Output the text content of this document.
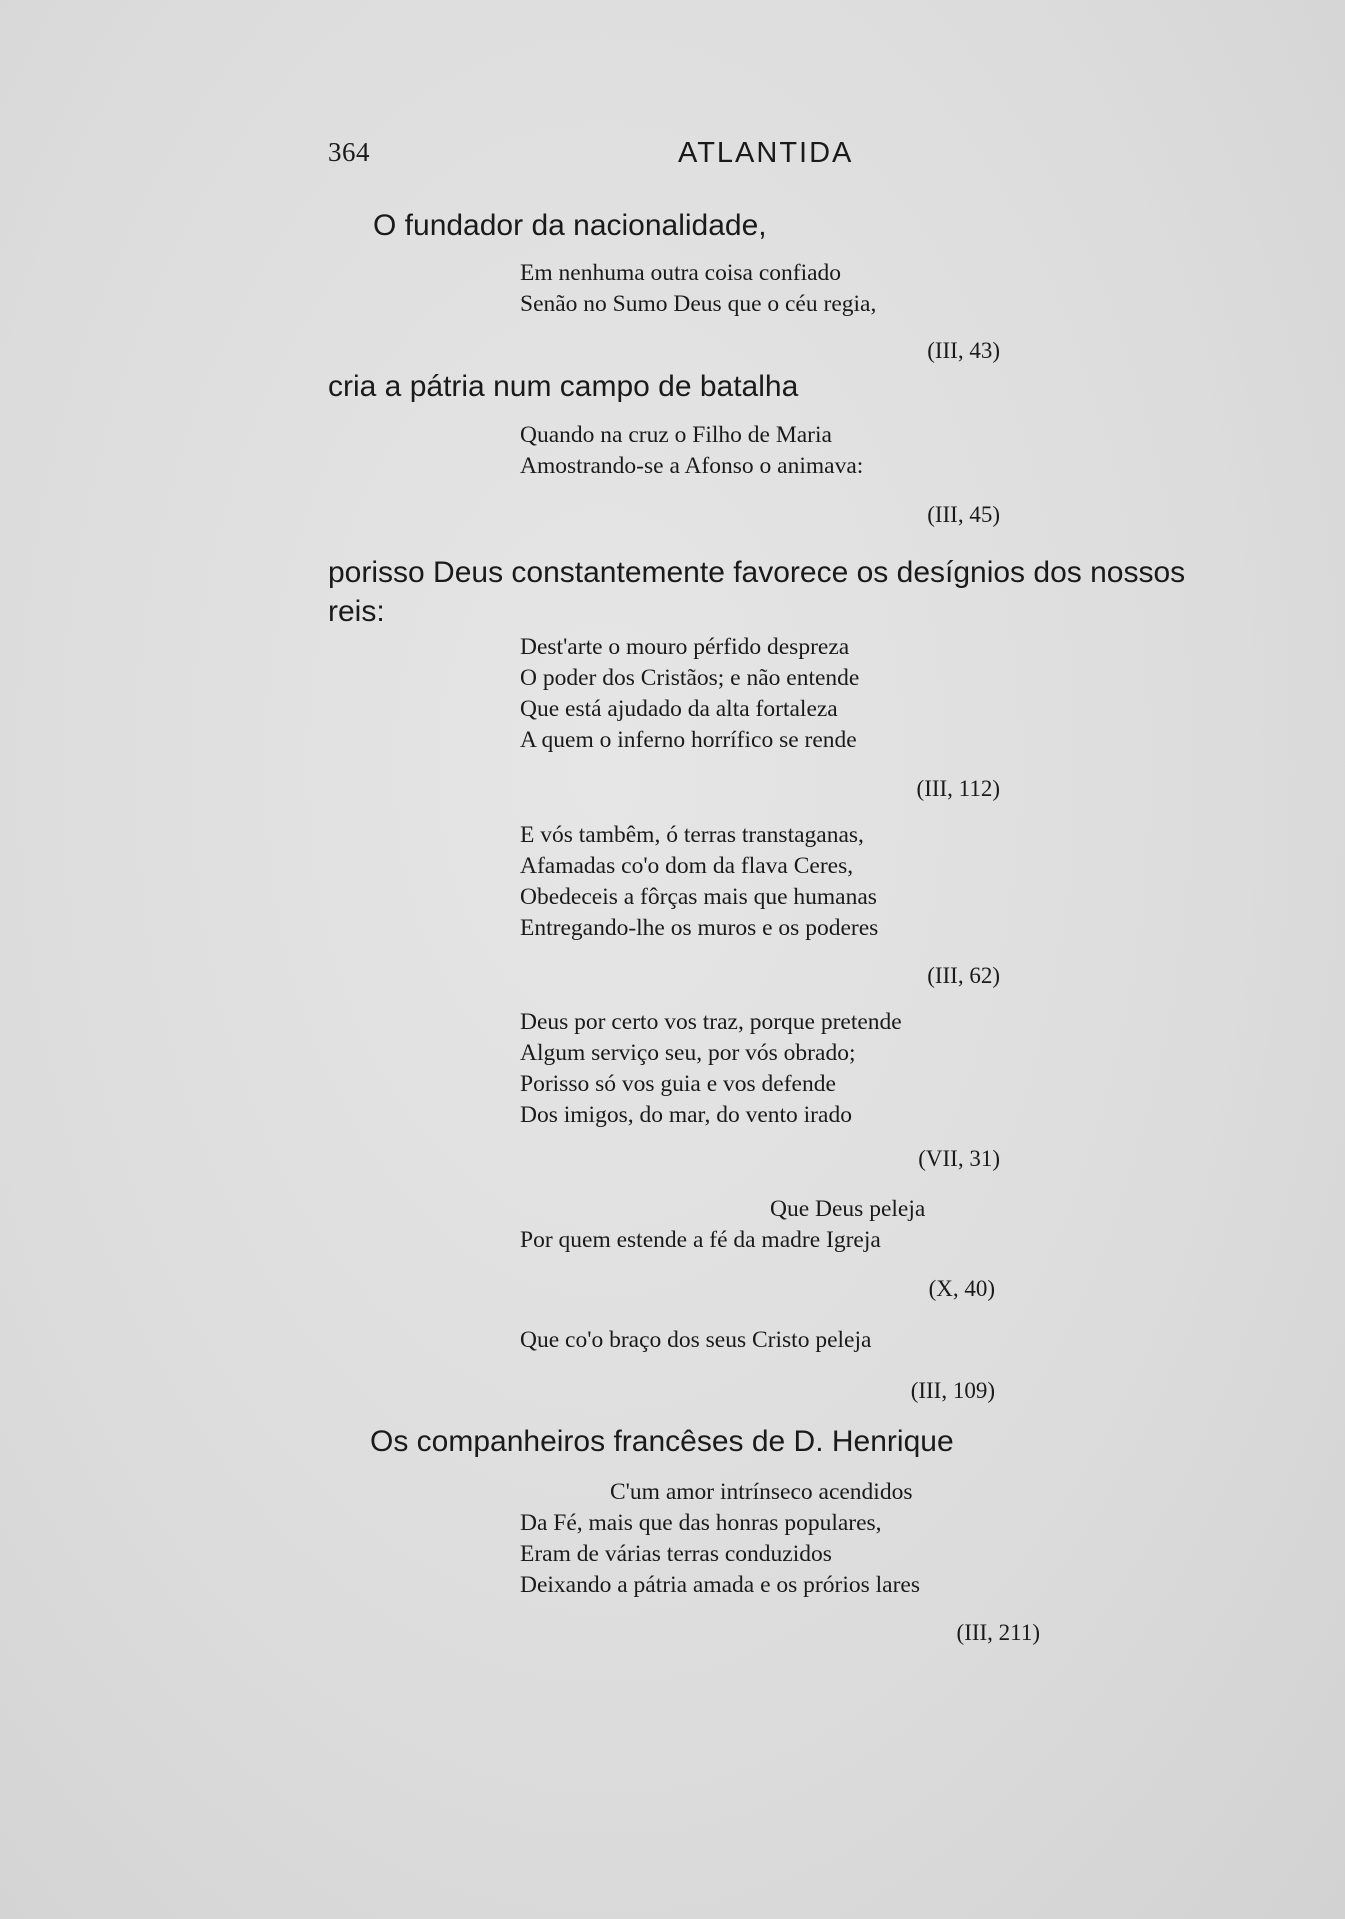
364	ATLANTIDA
O fundador da nacionalidade,
Em nenhuma outra coisa confiado
Senão no Sumo Deus que o céu regia,
(III, 43)
cria a pátria num campo de batalha
Quando na cruz o Filho de Maria
Amostrando-se a Afonso o animava:
(III, 45)
porisso Deus constantemente favorece os desígnios dos nossos
reis:
Dest'arte o mouro pérfido despreza
O poder dos Cristãos; e não entende
Que está ajudado da alta fortaleza
A quem o inferno horrífico se rende
(III, 112)
E vós tambêm, ó terras transtaganas,
Afamadas co'o dom da flava Ceres,
Obedeceis a fôrças mais que humanas
Entregando-lhe os muros e os poderes
(III, 62)
Deus por certo vos traz, porque pretende
Algum serviço seu, por vós obrado;
Porisso só vos guia e vos defende
Dos imigos, do mar, do vento irado
(VII, 31)
Que Deus peleja
Por quem estende a fé da madre Igreja
(X, 40)
Que co'o braço dos seus Cristo peleja
(III, 109)
Os companheiros francêses de D. Henrique
C'um amor intrínseco acendidos
Da Fé, mais que das honras populares,
Eram de várias terras conduzidos
Deixando a pátria amada e os prórios lares
(III, 211)
